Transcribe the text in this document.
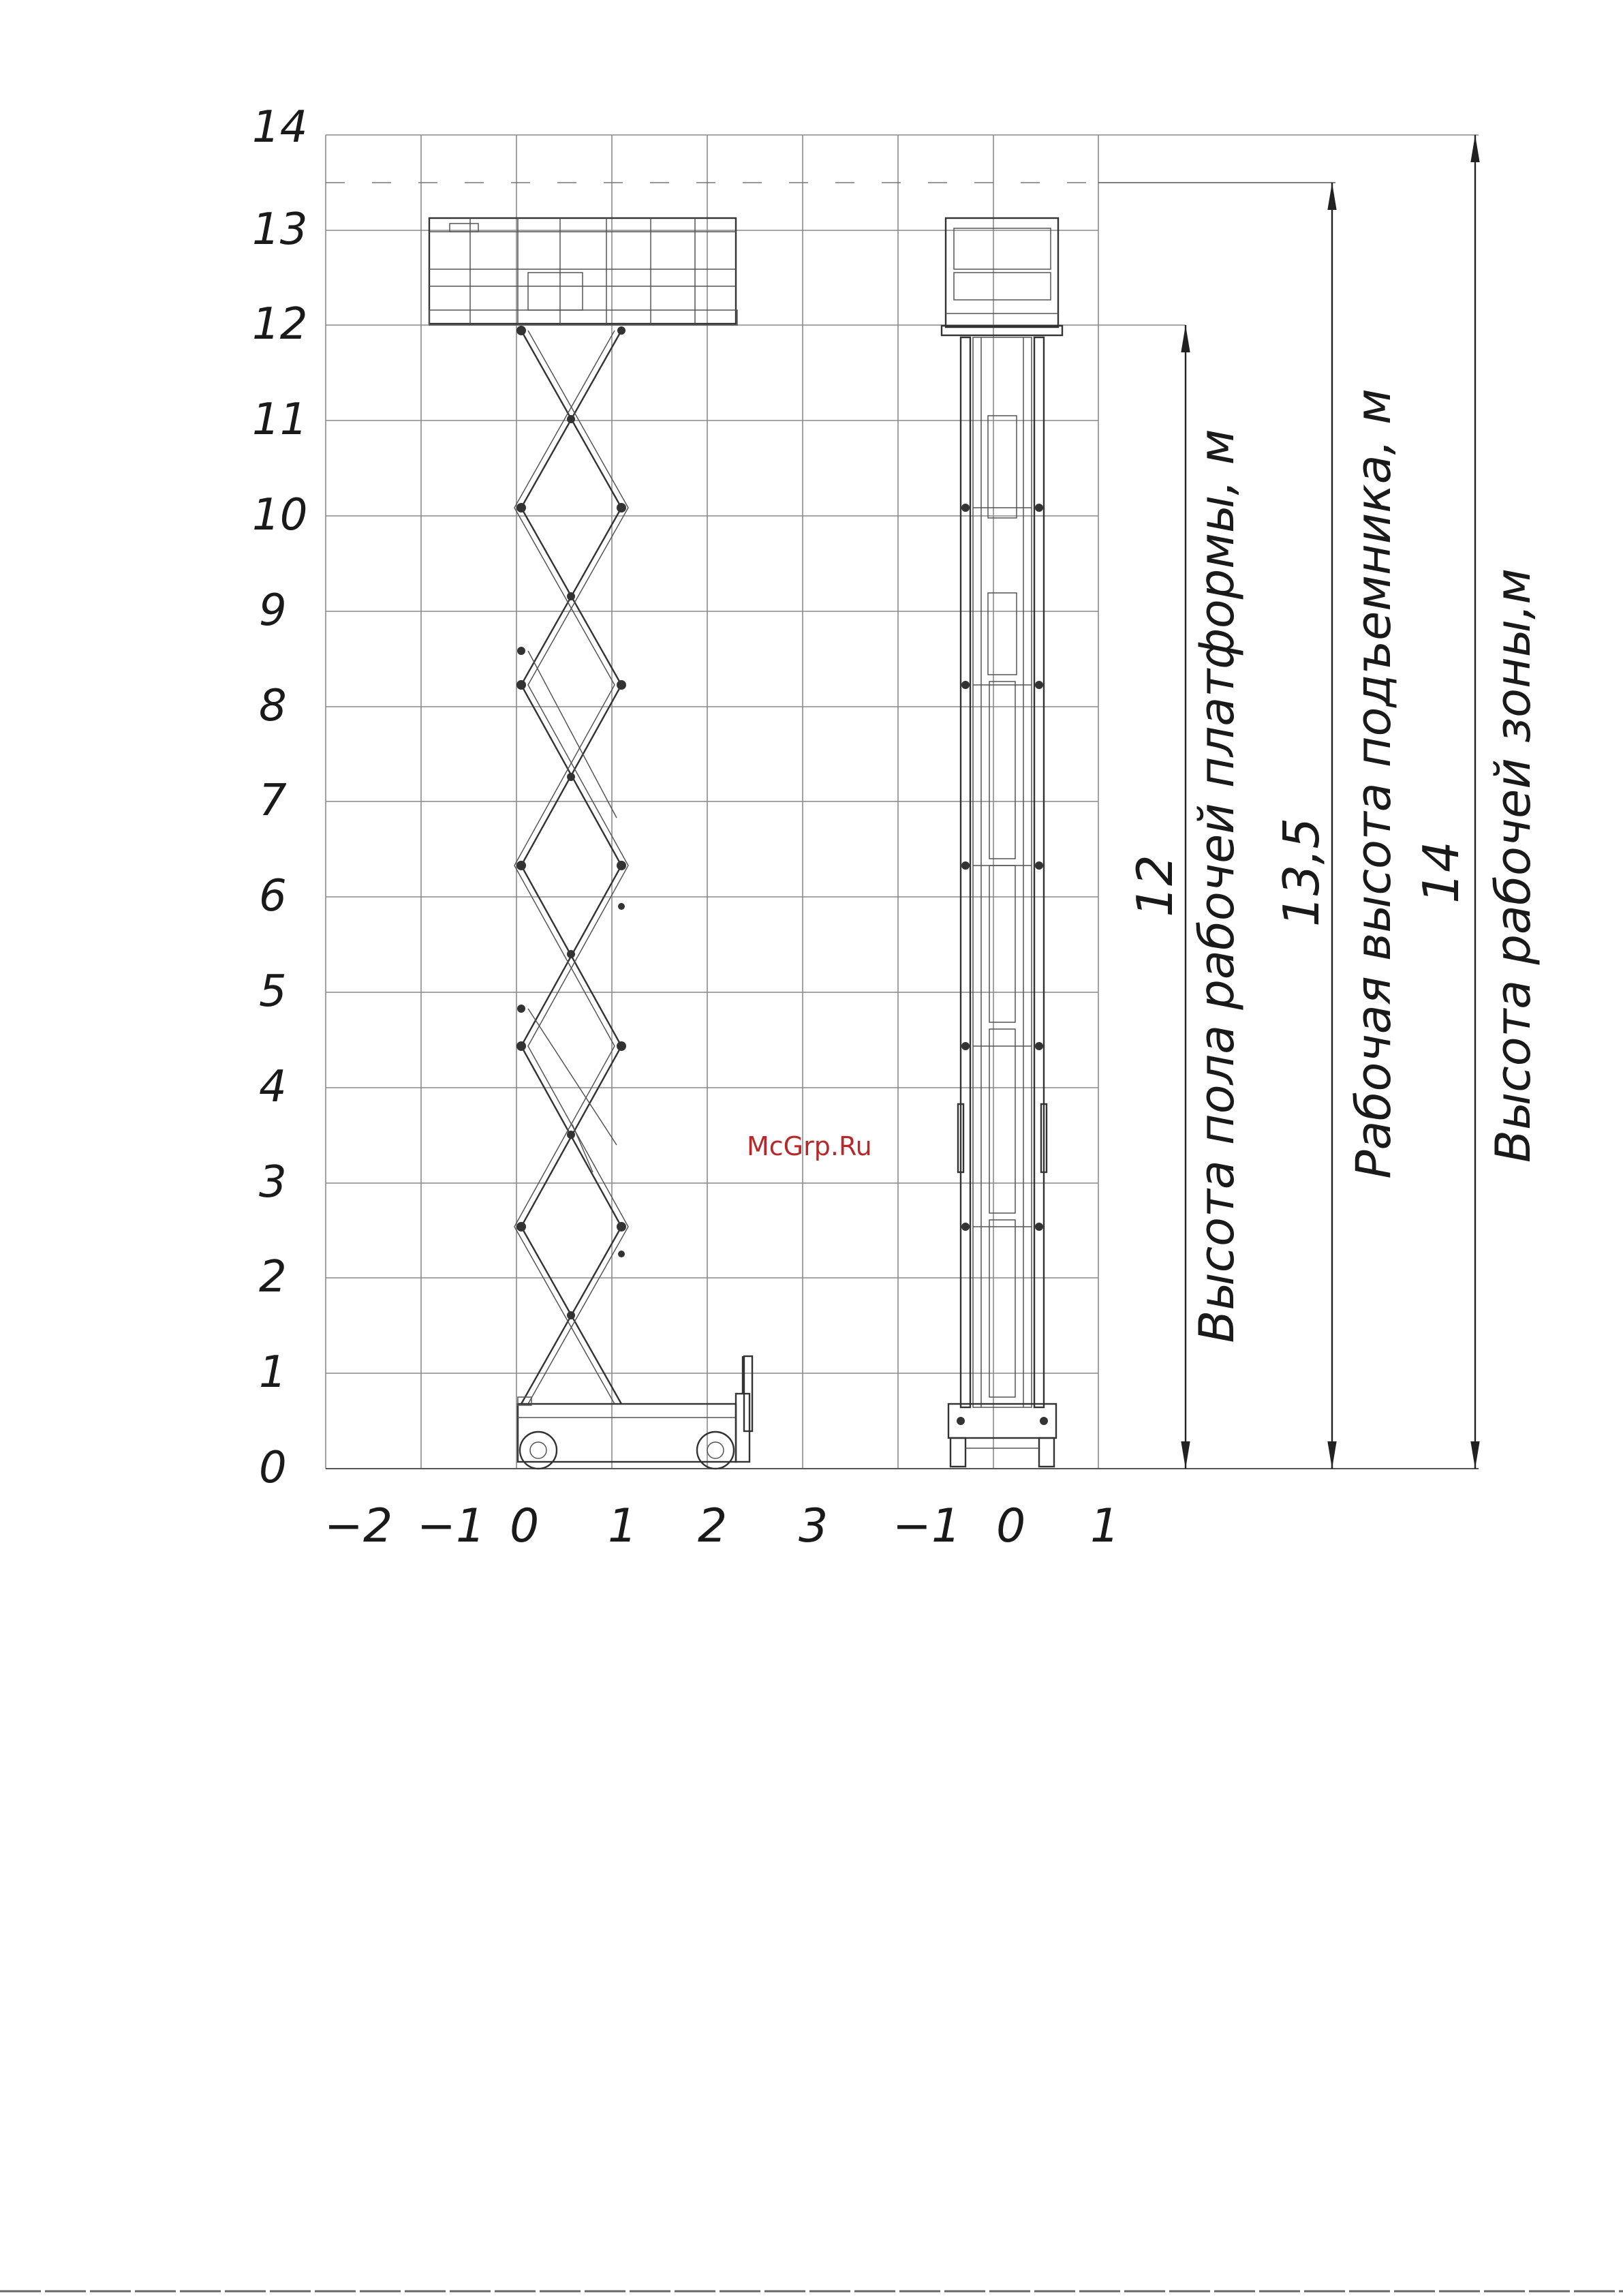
0
1
2
3
4
5
6
7
8
9
10
11
12
13
14
−2 −1 0 1 2 3 −1 0 1
12 Высота пола рабочей платформы, м 13,5 Рабочая высота подъемника, м 14 Высота рабочей зоны,м
McGrp.Ru
